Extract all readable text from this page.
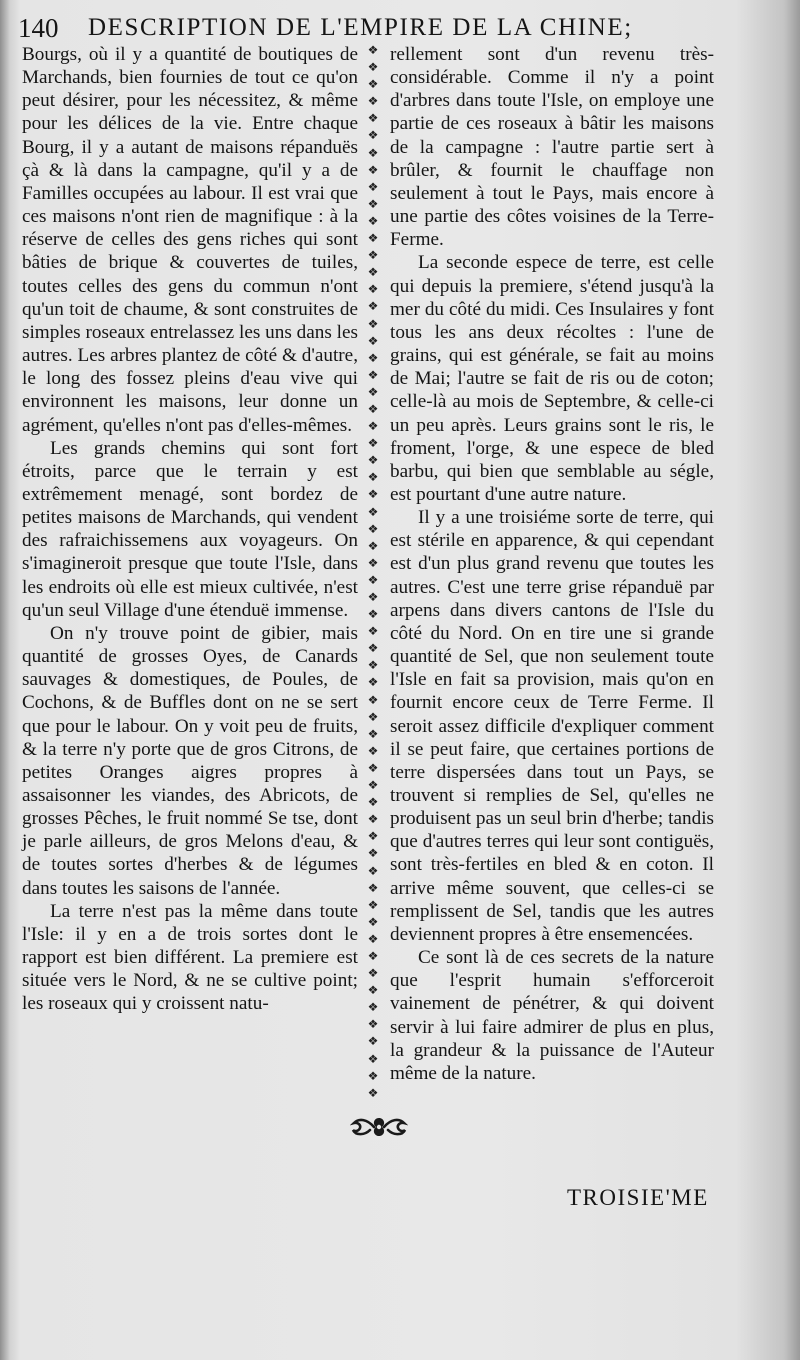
140 DESCRIPTION DE L'EMPIRE DE LA CHINE;

Bourgs, où il y a quantité de boutiques de Marchands, bien fournies de tout ce qu'on peut désirer, pour les nécessitez, & même pour les délices de la vie. Entre chaque Bourg, il y a autant de maisons répanduës çà & là dans la campagne, qu'il y a de Familles occupées au labour. Il est vrai que ces maisons n'ont rien de magnifique : à la réserve de celles des gens riches qui sont bâties de brique & couvertes de tuiles, toutes celles des gens du commun n'ont qu'un toit de chaume, & sont construites de simples roseaux entrelassez les uns dans les autres. Les arbres plantez de côté & d'autre, le long des fossez pleins d'eau vive qui environnent les maisons, leur donne un agrément, qu'elles n'ont pas d'elles-mêmes.

Les grands chemins qui sont fort étroits, parce que le terrain y est extrêmement menagé, sont bordez de petites maisons de Marchands, qui vendent des rafraichissemens aux voyageurs. On s'imagineroit presque que toute l'Isle, dans les endroits où elle est mieux cultivée, n'est qu'un seul Village d'une étenduë immense.

On n'y trouve point de gibier, mais quantité de grosses Oyes, de Canards sauvages & domestiques, de Poules, de Cochons, & de Buffles dont on ne se sert que pour le labour. On y voit peu de fruits, & la terre n'y porte que de gros Citrons, de petites Oranges aigres propres à assaisonner les viandes, des Abricots, de grosses Pêches, le fruit nommé Se tse, dont je parle ailleurs, de gros Melons d'eau, & de toutes sortes d'herbes & de légumes dans toutes les saisons de l'année.

La terre n'est pas la même dans toute l'Isle: il y en a de trois sortes dont le rapport est bien différent. La premiere est située vers le Nord, & ne se cultive point; les roseaux qui y croissent natu-

❖
❖
❖
❖
❖
❖
❖
❖
❖
❖
❖
❖
❖
❖
❖
❖
❖
❖
❖
❖
❖
❖
❖
❖
❖
❖
❖
❖
❖
❖
❖
❖
❖
❖
❖
❖
❖
❖
❖
❖
❖
❖
❖
❖
❖
❖
❖
❖
❖
❖
❖
❖
❖
❖
❖
❖
❖
❖
❖
❖
❖
❖

rellement sont d'un revenu très-considérable. Comme il n'y a point d'arbres dans toute l'Isle, on employe une partie de ces roseaux à bâtir les maisons de la campagne : l'autre partie sert à brûler, & fournit le chauffage non seulement à tout le Pays, mais encore à une partie des côtes voisines de la Terre-Ferme.

La seconde espece de terre, est celle qui depuis la premiere, s'étend jusqu'à la mer du côté du midi. Ces Insulaires y font tous les ans deux récoltes : l'une de grains, qui est générale, se fait au moins de Mai; l'autre se fait de ris ou de coton; celle-là au mois de Septembre, & celle-ci un peu après. Leurs grains sont le ris, le froment, l'orge, & une espece de bled barbu, qui bien que semblable au ségle, est pourtant d'une autre nature.

Il y a une troisiéme sorte de terre, qui est stérile en apparence, & qui cependant est d'un plus grand revenu que toutes les autres. C'est une terre grise répanduë par arpens dans divers cantons de l'Isle du côté du Nord. On en tire une si grande quantité de Sel, que non seulement toute l'Isle en fait sa provision, mais qu'on en fournit encore ceux de Terre Ferme. Il seroit assez difficile d'expliquer comment il se peut faire, que certaines portions de terre dispersées dans tout un Pays, se trouvent si remplies de Sel, qu'elles ne produisent pas un seul brin d'herbe; tandis que d'autres terres qui leur sont contiguës, sont très-fertiles en bled & en coton. Il arrive même souvent, que celles-ci se remplissent de Sel, tandis que les autres deviennent propres à être ensemencées.

Ce sont là de ces secrets de la nature que l'esprit humain s'efforceroit vainement de pénétrer, & qui doivent servir à lui faire admirer de plus en plus, la grandeur & la puissance de l'Auteur même de la nature.

TROISIE'ME
